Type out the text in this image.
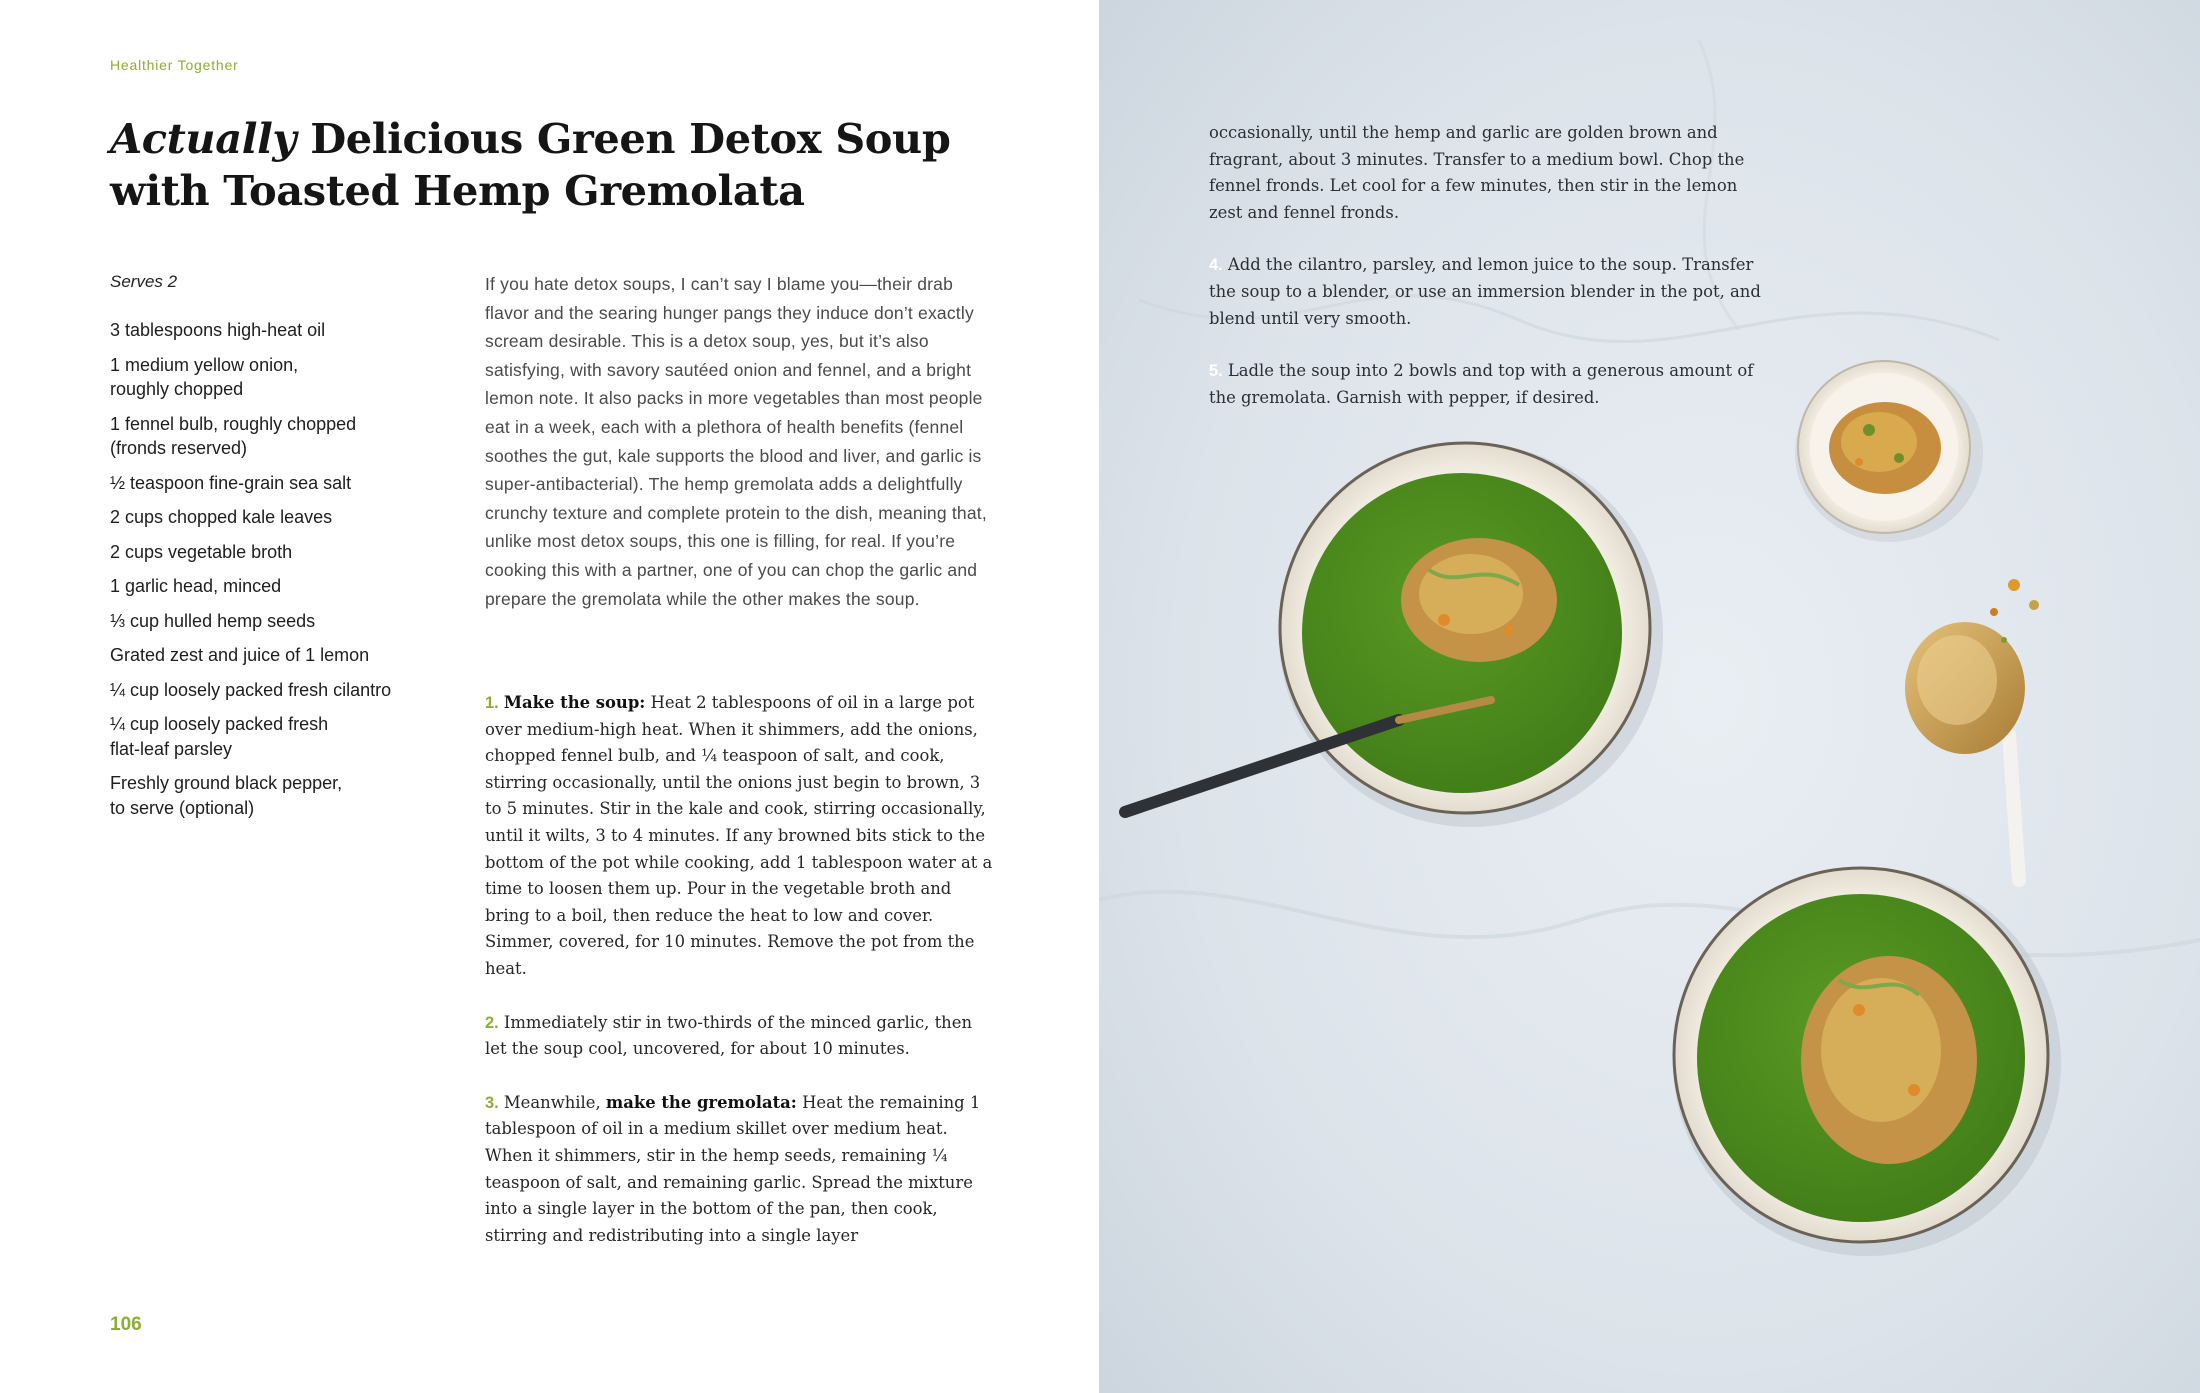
Healthier Together
Actually Delicious Green Detox Soup
with Toasted Hemp Gremolata
Serves 2
3 tablespoons high-heat oil
1 medium yellow onion,
roughly chopped
1 fennel bulb, roughly chopped
(fronds reserved)
½ teaspoon fine-grain sea salt
2 cups chopped kale leaves
2 cups vegetable broth
1 garlic head, minced
⅓ cup hulled hemp seeds
Grated zest and juice of 1 lemon
¼ cup loosely packed fresh cilantro
¼ cup loosely packed fresh
flat-leaf parsley
Freshly ground black pepper,
to serve (optional)

If you hate detox soups, I can’t say I blame you—their drab flavor and the searing hunger pangs they induce don’t exactly scream desirable. This is a detox soup, yes, but it’s also satisfying, with savory sautéed onion and fennel, and a bright lemon note. It also packs in more vegetables than most people eat in a week, each with a plethora of health benefits (fennel soothes the gut, kale supports the blood and liver, and garlic is super-antibacterial). The hemp gremolata adds a delightfully crunchy texture and complete protein to the dish, meaning that, unlike most detox soups, this one is filling, for real. If you’re cooking this with a partner, one of you can chop the garlic and prepare the gremolata while the other makes the soup.

1. Make the soup: Heat 2 tablespoons of oil in a large pot over medium-high heat. When it shimmers, add the onions, chopped fennel bulb, and ¼ teaspoon of salt, and cook, stirring occasionally, until the onions just begin to brown, 3 to 5 minutes. Stir in the kale and cook, stirring occasionally, until it wilts, 3 to 4 minutes. If any browned bits stick to the bottom of the pot while cooking, add 1 tablespoon water at a time to loosen them up. Pour in the vegetable broth and bring to a boil, then reduce the heat to low and cover. Simmer, covered, for 10 minutes. Remove the pot from the heat.

2. Immediately stir in two-thirds of the minced garlic, then let the soup cool, uncovered, for about 10 minutes.

3. Meanwhile, make the gremolata: Heat the remaining 1 tablespoon of oil in a medium skillet over medium heat. When it shimmers, stir in the hemp seeds, remaining ¼ teaspoon of salt, and remaining garlic. Spread the mixture into a single layer in the bottom of the pan, then cook, stirring and redistributing into a single layer

106

occasionally, until the hemp and garlic are golden brown and fragrant, about 3 minutes. Transfer to a medium bowl. Chop the fennel fronds. Let cool for a few minutes, then stir in the lemon zest and fennel fronds.

4. Add the cilantro, parsley, and lemon juice to the soup. Transfer the soup to a blender, or use an immersion blender in the pot, and blend until very smooth.

5. Ladle the soup into 2 bowls and top with a generous amount of the gremolata. Garnish with pepper, if desired.
